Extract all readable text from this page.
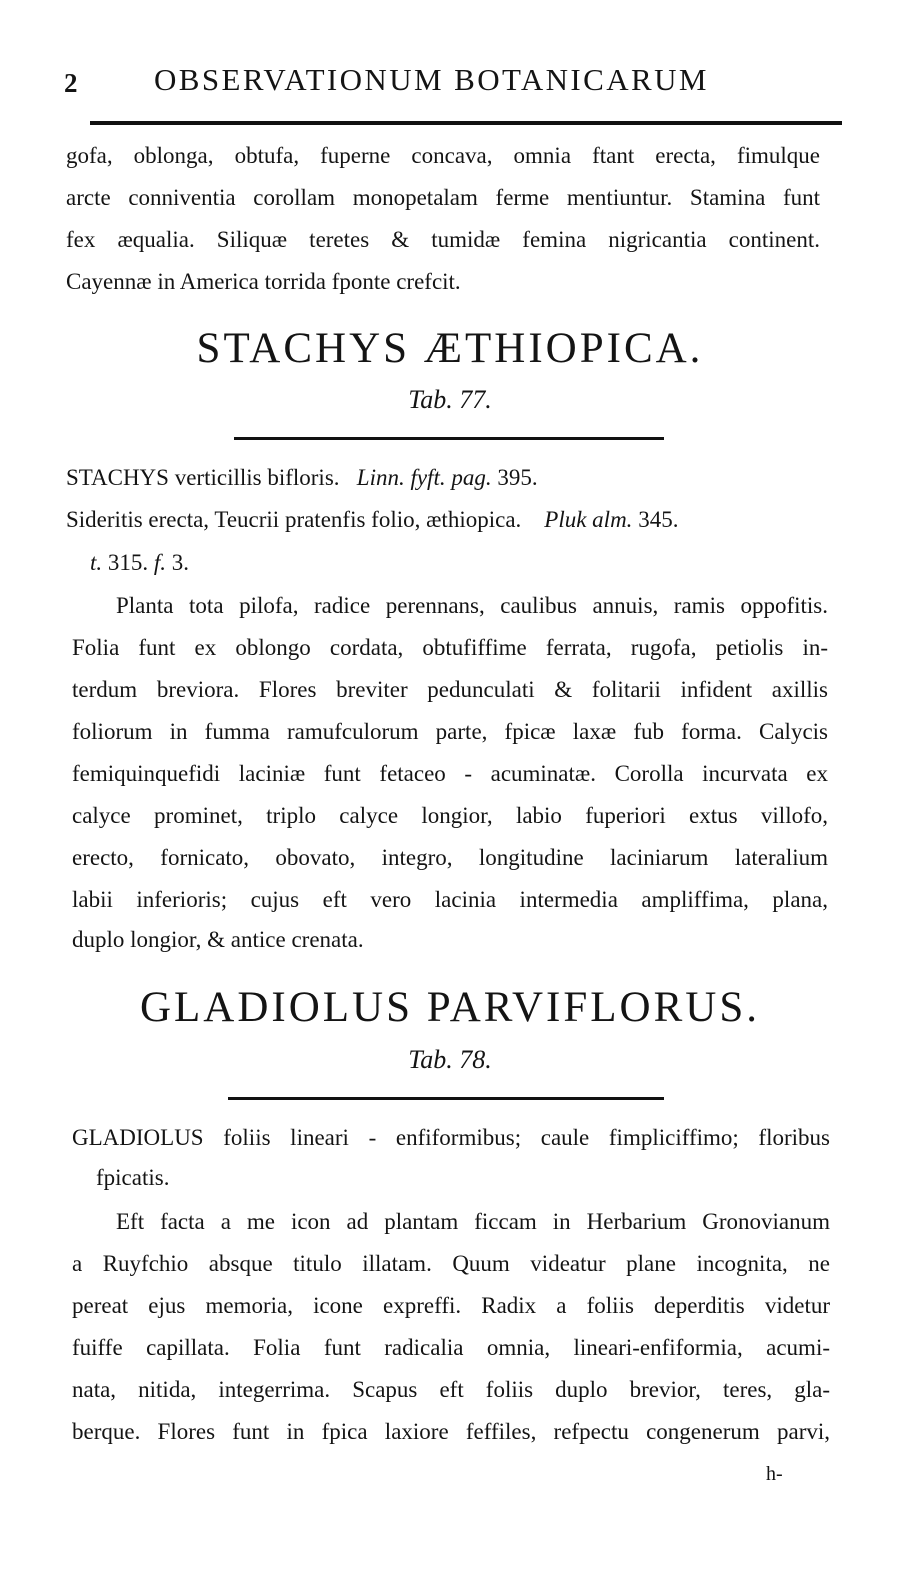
2 OBSERVATIONUM BOTANICARUM
gofa, oblonga, obtufa, fuperne concava, omnia ftant erecta, fimulque
arcte conniventia corollam monopetalam ferme mentiuntur. Stamina funt
fex æqualia. Siliquæ teretes & tumidæ femina nigricantia continent.
Cayennæ in America torrida fponte crefcit.
STACHYS ÆTHIOPICA.
Tab. 77.
STACHYS verticillis bifloris. Linn. fyft. pag. 395.
Sideritis erecta, Teucrii pratenfis folio, æthiopica. Pluk alm. 345.
t. 315. f. 3.
Planta tota pilofa, radice perennans, caulibus annuis, ramis oppofitis.
Folia funt ex oblongo cordata, obtufiffime ferrata, rugofa, petiolis in-
terdum breviora. Flores breviter pedunculati & folitarii infident axillis
foliorum in fumma ramufculorum parte, fpicæ laxæ fub forma. Calycis
femiquinquefidi laciniæ funt fetaceo - acuminatæ. Corolla incurvata ex
calyce prominet, triplo calyce longior, labio fuperiori extus villofo,
erecto, fornicato, obovato, integro, longitudine laciniarum lateralium
labii inferioris; cujus eft vero lacinia intermedia ampliffima, plana,
duplo longior, & antice crenata.
GLADIOLUS PARVIFLORUS.
Tab. 78.
GLADIOLUS foliis lineari - enfiformibus; caule fimpliciffimo; floribus
fpicatis.
Eft facta a me icon ad plantam ficcam in Herbarium Gronovianum
a Ruyfchio absque titulo illatam. Quum videatur plane incognita, ne
pereat ejus memoria, icone expreffi. Radix a foliis deperditis videtur
fuiffe capillata. Folia funt radicalia omnia, lineari-enfiformia, acumi-
nata, nitida, integerrima. Scapus eft foliis duplo brevior, teres, gla-
berque. Flores funt in fpica laxiore feffiles, refpectu congenerum parvi,
h-
